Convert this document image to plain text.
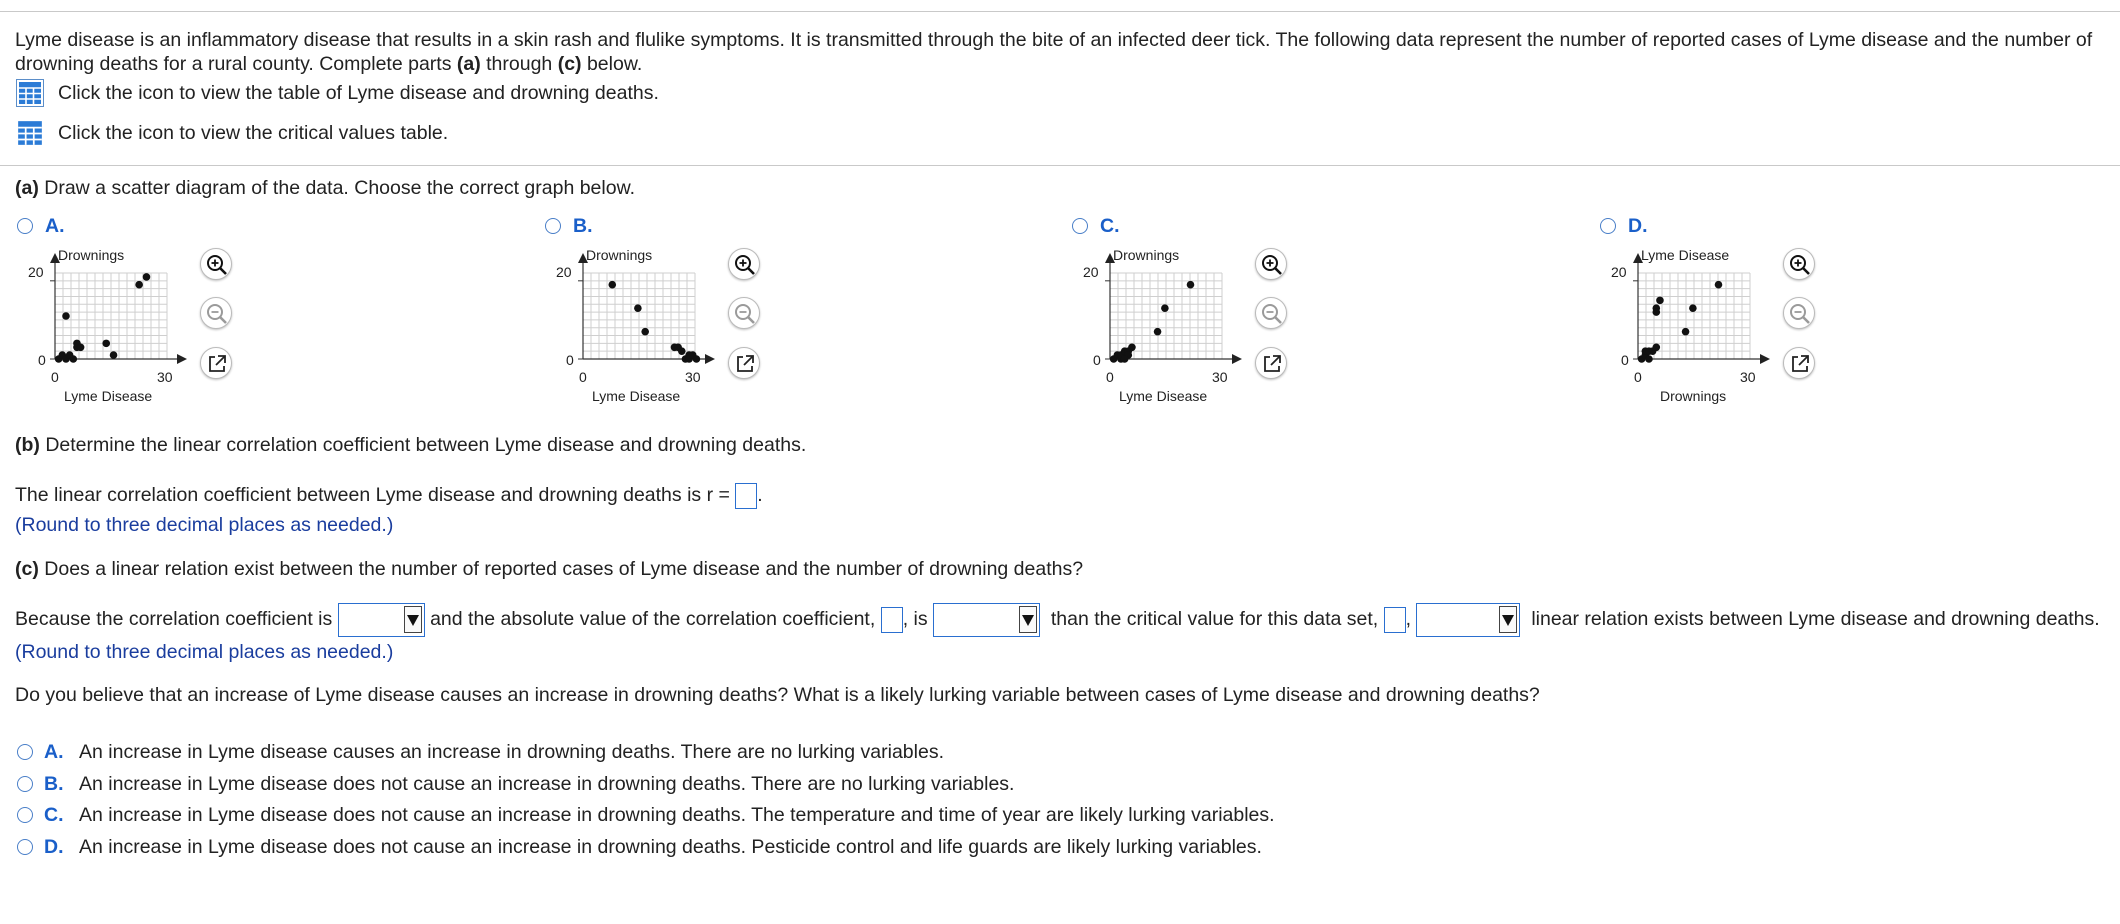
Lyme disease is an inflammatory disease that results in a skin rash and flulike symptoms. It is transmitted through the bite of an infected deer tick. The following data represent the number of reported cases of Lyme disease and the number of drowning deaths for a rural county. Complete parts (a) through (c) below.
Click the icon to view the table of Lyme disease and drowning deaths.
Click the icon to view the critical values table.
(a) Draw a scatter diagram of the data. Choose the correct graph below.
A.
Drownings
20
0
0	30
Lyme Disease
B.
Drownings
20
0
0	30
Lyme Disease
C.
Drownings
20
0
0	30
Lyme Disease
D.
Lyme Disease
20
0
0	30
Drownings
(b) Determine the linear correlation coefficient between Lyme disease and drowning deaths.
The linear correlation coefficient between Lyme disease and drowning deaths is r = .
(Round to three decimal places as needed.)
(c) Does a linear relation exist between the number of reported cases of Lyme disease and the number of drowning deaths?
Because the correlation coefficient is	and the absolute value of the correlation coefficient, , is	than the critical value for this data set, ,	linear relation exists between Lyme disease and drowning deaths.
(Round to three decimal places as needed.)
Do you believe that an increase of Lyme disease causes an increase in drowning deaths? What is a likely lurking variable between cases of Lyme disease and drowning deaths?
A. An increase in Lyme disease causes an increase in drowning deaths. There are no lurking variables.
B. An increase in Lyme disease does not cause an increase in drowning deaths. There are no lurking variables.
C. An increase in Lyme disease does not cause an increase in drowning deaths. The temperature and time of year are likely lurking variables.
D. An increase in Lyme disease does not cause an increase in drowning deaths. Pesticide control and life guards are likely lurking variables.
